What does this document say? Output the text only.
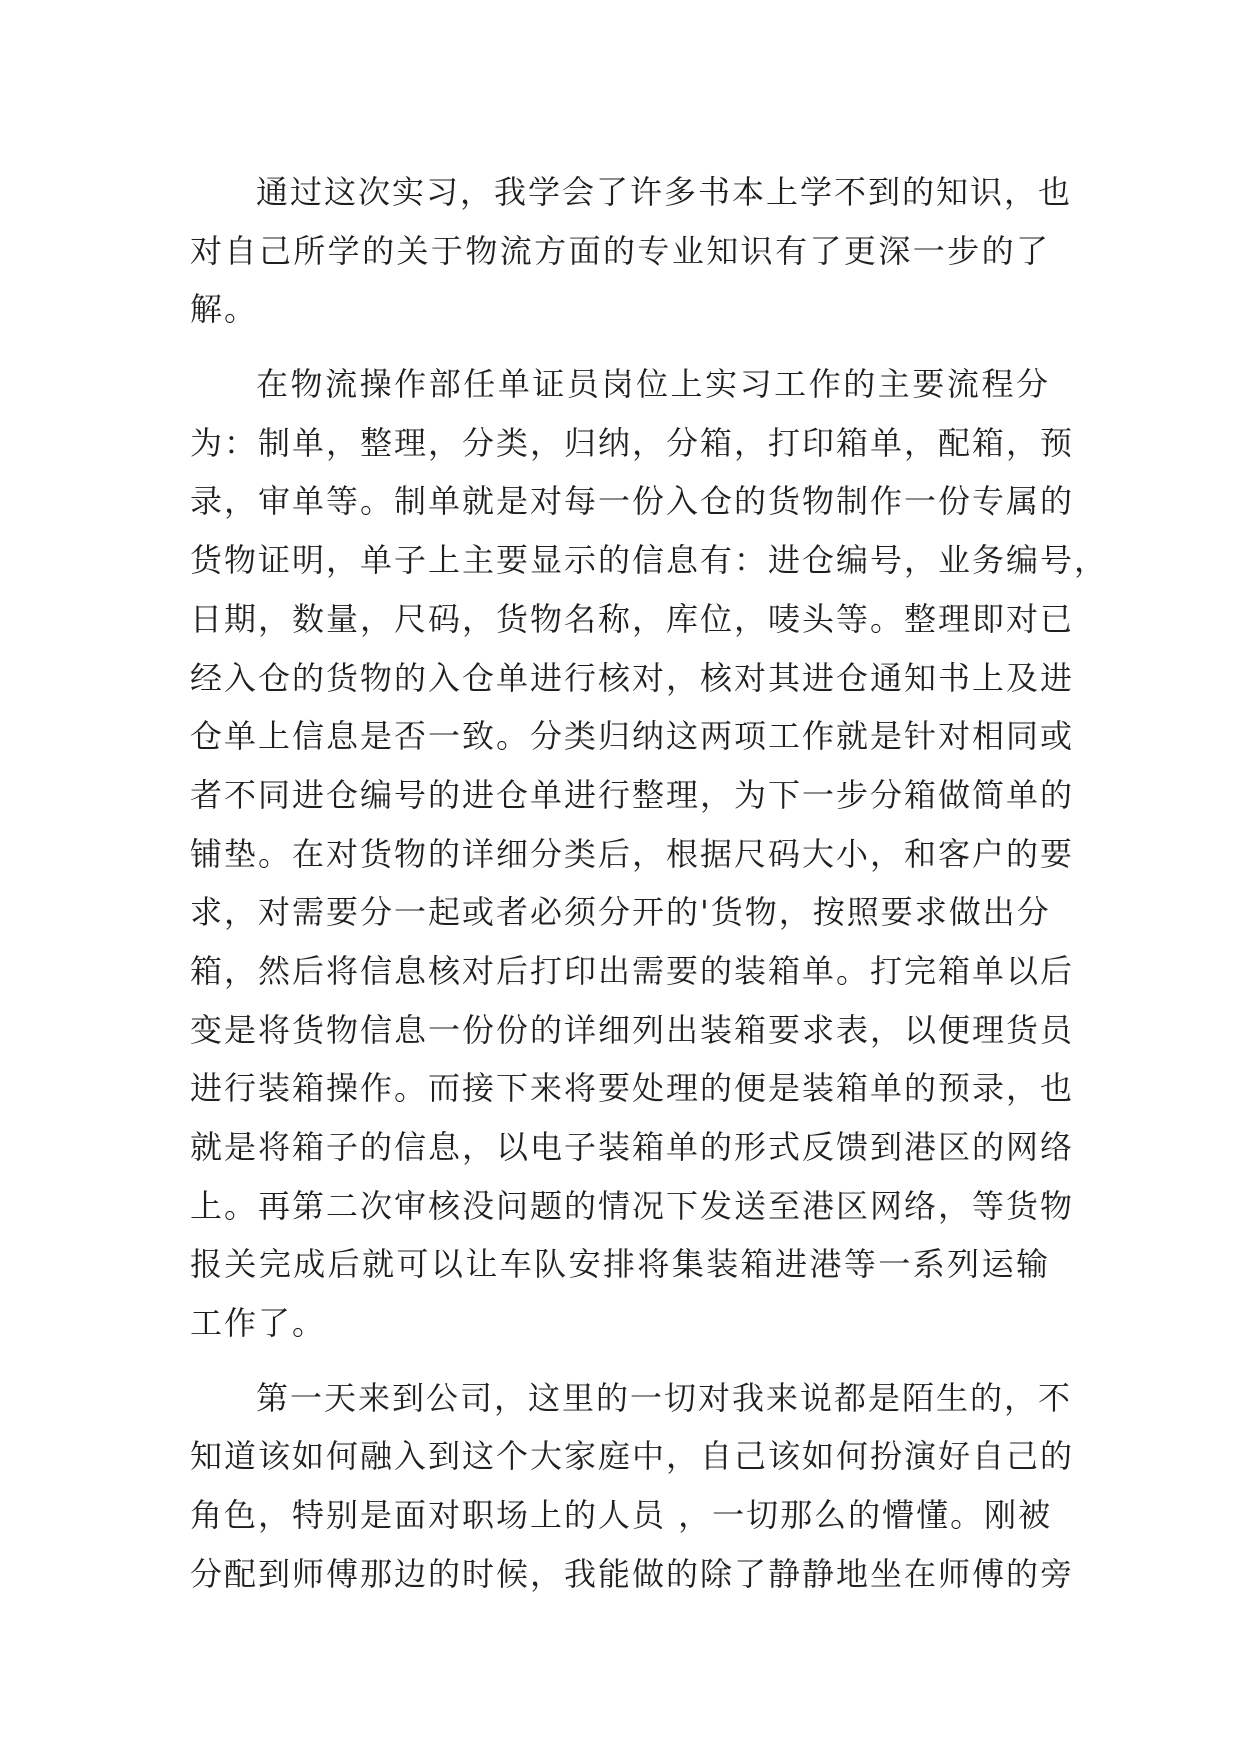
通过这次实习，我学会了许多书本上学不到的知识，也
对自己所学的关于物流方面的专业知识有了更深一步的了
解。
在物流操作部任单证员岗位上实习工作的主要流程分
为：制单，整理，分类，归纳，分箱，打印箱单，配箱，预
录，审单等。制单就是对每一份入仓的货物制作一份专属的
货物证明，单子上主要显示的信息有：进仓编号，业务编号，
日期，数量，尺码，货物名称，库位，唛头等。整理即对已
经入仓的货物的入仓单进行核对，核对其进仓通知书上及进
仓单上信息是否一致。分类归纳这两项工作就是针对相同或
者不同进仓编号的进仓单进行整理，为下一步分箱做简单的
铺垫。在对货物的详细分类后，根据尺码大小，和客户的要
求，对需要分一起或者必须分开的'货物，按照要求做出分
箱，然后将信息核对后打印出需要的装箱单。打完箱单以后
变是将货物信息一份份的详细列出装箱要求表，以便理货员
进行装箱操作。而接下来将要处理的便是装箱单的预录，也
就是将箱子的信息，以电子装箱单的形式反馈到港区的网络
上。再第二次审核没问题的情况下发送至港区网络，等货物
报关完成后就可以让车队安排将集装箱进港等一系列运输
工作了。
第一天来到公司，这里的一切对我来说都是陌生的，不
知道该如何融入到这个大家庭中，自己该如何扮演好自己的
角色，特别是面对职场上的人员 ，一切那么的懵懂。刚被
分配到师傅那边的时候，我能做的除了静静地坐在师傅的旁
